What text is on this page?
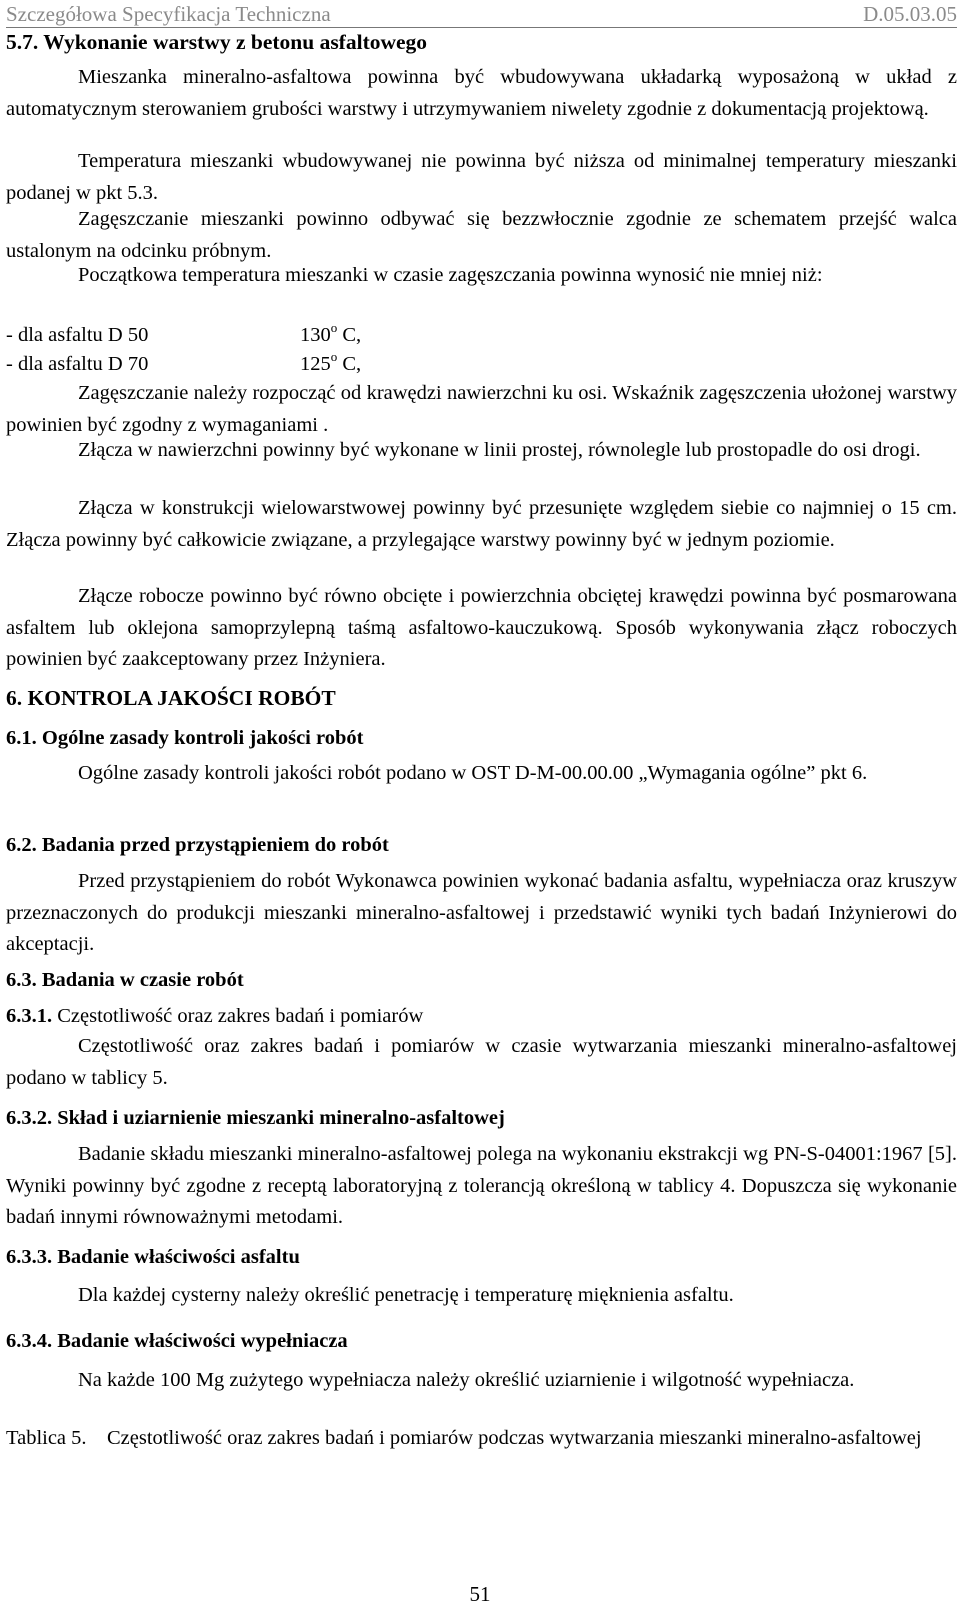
Szczegółowa Specyfikacja Techniczna	D.05.03.05
5.7. Wykonanie warstwy z betonu asfaltowego

Mieszanka mineralno-asfaltowa powinna być wbudowywana układarką wyposażoną w układ z automatycznym sterowaniem grubości warstwy i utrzymywaniem niwelety zgodnie z dokumentacją projektową.

Temperatura mieszanki wbudowywanej nie powinna być niższa od minimalnej temperatury mieszanki podanej w pkt 5.3.

Zagęszczanie mieszanki powinno odbywać się bezzwłocznie zgodnie ze schematem przejść walca ustalonym na odcinku próbnym.

Początkowa temperatura mieszanki w czasie zagęszczania powinna wynosić nie mniej niż:

- dla asfaltu D 50	130$^o$ C,
- dla asfaltu D 70	125$^o$ C,

Zagęszczanie należy rozpocząć od krawędzi nawierzchni ku osi. Wskaźnik zagęszczenia ułożonej warstwy powinien być zgodny z wymaganiami .

Złącza w nawierzchni powinny być wykonane w linii prostej, równolegle lub prostopadle do osi drogi.

Złącza w konstrukcji wielowarstwowej powinny być przesunięte względem siebie co najmniej o 15 cm. Złącza powinny być całkowicie związane, a przylegające warstwy powinny być w jednym poziomie.

Złącze robocze powinno być równo obcięte i powierzchnia obciętej krawędzi powinna być posmarowana asfaltem lub oklejona samoprzylepną taśmą asfaltowo-kauczukową. Sposób wykonywania złącz roboczych powinien być zaakceptowany przez Inżyniera.

6. KONTROLA JAKOŚCI ROBÓT
6.1. Ogólne zasady kontroli jakości robót

Ogólne zasady kontroli jakości robót podano w OST D-M-00.00.00 „Wymagania ogólne” pkt 6.

6.2. Badania przed przystąpieniem do robót

Przed przystąpieniem do robót Wykonawca powinien wykonać badania asfaltu, wypełniacza oraz kruszyw przeznaczonych do produkcji mieszanki mineralno-asfaltowej i przedstawić wyniki tych badań Inżynierowi do akceptacji.

6.3. Badania w czasie robót
6.3.1. Częstotliwość oraz zakres badań i pomiarów

Częstotliwość oraz zakres badań i pomiarów w czasie wytwarzania mieszanki mineralno-asfaltowej podano w tablicy 5.

6.3.2. Skład i uziarnienie mieszanki mineralno-asfaltowej

Badanie składu mieszanki mineralno-asfaltowej polega na wykonaniu ekstrakcji wg PN-S-04001:1967 [5]. Wyniki powinny być zgodne z receptą laboratoryjną z tolerancją określoną w tablicy 4. Dopuszcza się wykonanie badań innymi równoważnymi metodami.

6.3.3. Badanie właściwości asfaltu

Dla każdej cysterny należy określić penetrację i temperaturę mięknienia asfaltu.

6.3.4. Badanie właściwości wypełniacza

Na każde 100 Mg zużytego wypełniacza należy określić uziarnienie i wilgotność wypełniacza.

Tablica 5. Częstotliwość oraz zakres badań i pomiarów podczas wytwarzania mieszanki mineralno-asfaltowej
51
